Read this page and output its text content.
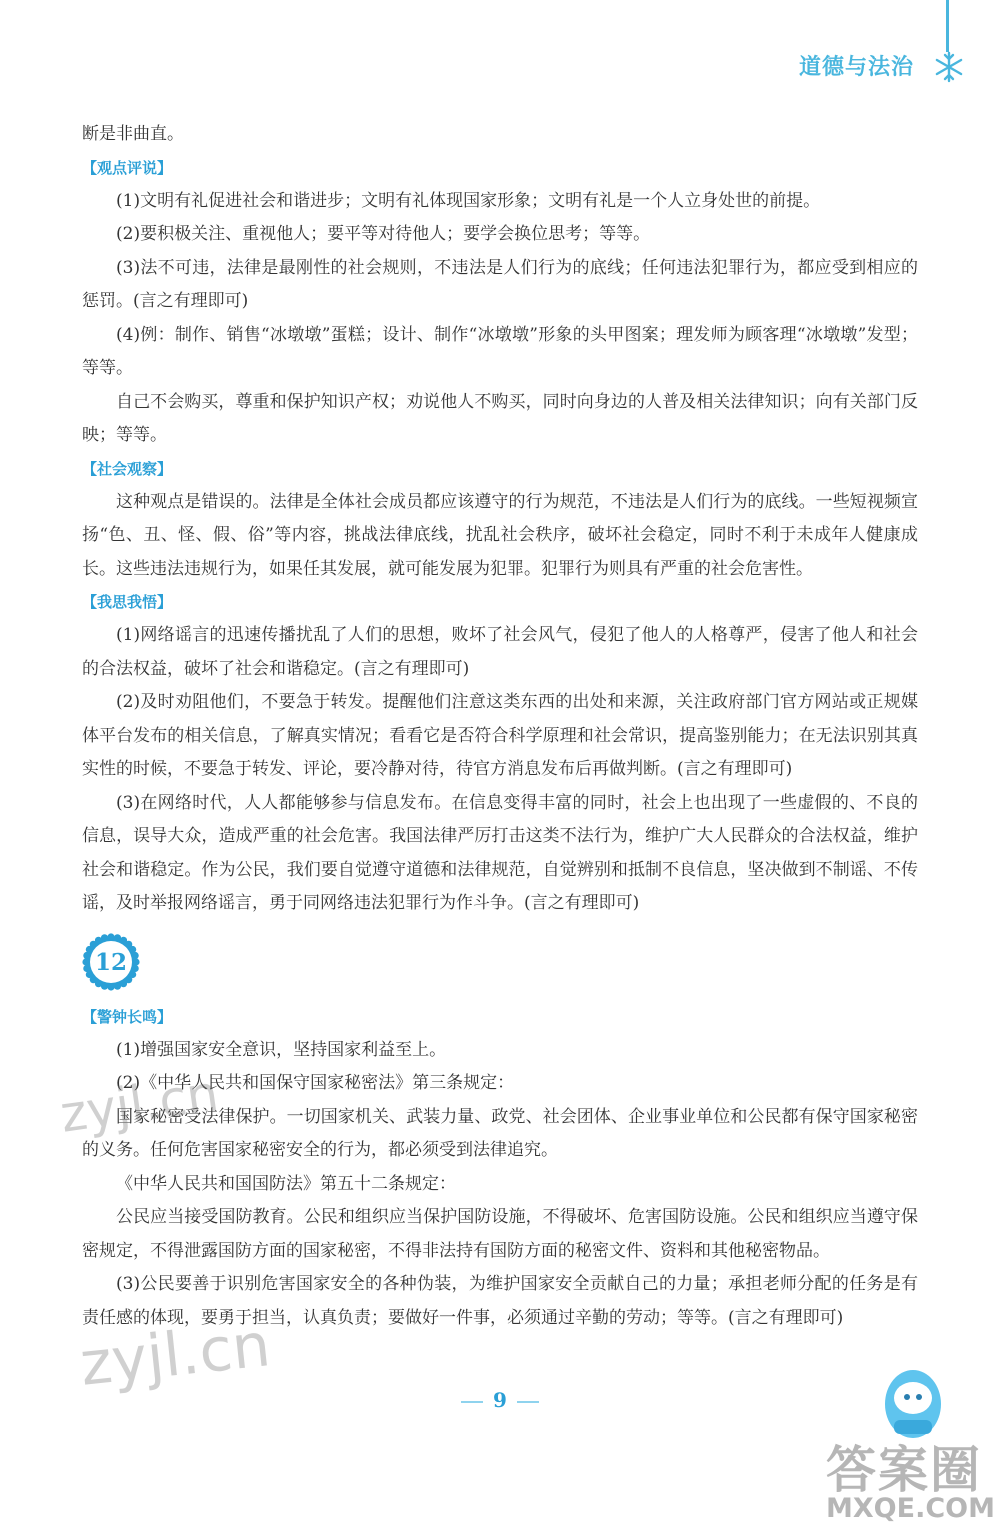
道德与法治

断是非曲直。

【观点评说】

(1)文明有礼促进社会和谐进步；文明有礼体现国家形象；文明有礼是一个人立身处世的前提。

(2)要积极关注、重视他人；要平等对待他人；要学会换位思考；等等。

(3)法不可违，法律是最刚性的社会规则，不违法是人们行为的底线；任何违法犯罪行为，都应受到相应的惩罚。(言之有理即可)

(4)例：制作、销售“冰墩墩”蛋糕；设计、制作“冰墩墩”形象的头甲图案；理发师为顾客理“冰墩墩”发型；等等。

自己不会购买，尊重和保护知识产权；劝说他人不购买，同时向身边的人普及相关法律知识；向有关部门反映；等等。

【社会观察】

这种观点是错误的。法律是全体社会成员都应该遵守的行为规范，不违法是人们行为的底线。一些短视频宣扬“色、丑、怪、假、俗”等内容，挑战法律底线，扰乱社会秩序，破坏社会稳定，同时不利于未成年人健康成长。这些违法违规行为，如果任其发展，就可能发展为犯罪。犯罪行为则具有严重的社会危害性。

【我思我悟】

(1)网络谣言的迅速传播扰乱了人们的思想，败坏了社会风气，侵犯了他人的人格尊严，侵害了他人和社会的合法权益，破坏了社会和谐稳定。(言之有理即可)

(2)及时劝阻他们，不要急于转发。提醒他们注意这类东西的出处和来源，关注政府部门官方网站或正规媒体平台发布的相关信息，了解真实情况；看看它是否符合科学原理和社会常识，提高鉴别能力；在无法识别其真实性的时候，不要急于转发、评论，要冷静对待，待官方消息发布后再做判断。(言之有理即可)

(3)在网络时代，人人都能够参与信息发布。在信息变得丰富的同时，社会上也出现了一些虚假的、不良的信息，误导大众，造成严重的社会危害。我国法律严厉打击这类不法行为，维护广大人民群众的合法权益，维护社会和谐稳定。作为公民，我们要自觉遵守道德和法律规范，自觉辨别和抵制不良信息，坚决做到不制谣、不传谣，及时举报网络谣言，勇于同网络违法犯罪行为作斗争。(言之有理即可)

12

【警钟长鸣】

(1)增强国家安全意识，坚持国家利益至上。

(2)《中华人民共和国保守国家秘密法》第三条规定：

国家秘密受法律保护。一切国家机关、武装力量、政党、社会团体、企业事业单位和公民都有保守国家秘密的义务。任何危害国家秘密安全的行为，都必须受到法律追究。

《中华人民共和国国防法》第五十二条规定：

公民应当接受国防教育。公民和组织应当保护国防设施，不得破坏、危害国防设施。公民和组织应当遵守保密规定，不得泄露国防方面的国家秘密，不得非法持有国防方面的秘密文件、资料和其他秘密物品。

(3)公民要善于识别危害国家安全的各种伪装，为维护国家安全贡献自己的力量；承担老师分配的任务是有责任感的体现，要勇于担当，认真负责；要做好一件事，必须通过辛勤的劳动；等等。(言之有理即可)

zyjl.cn
zyjl.cn
9
答案圈
MXQE.COM
